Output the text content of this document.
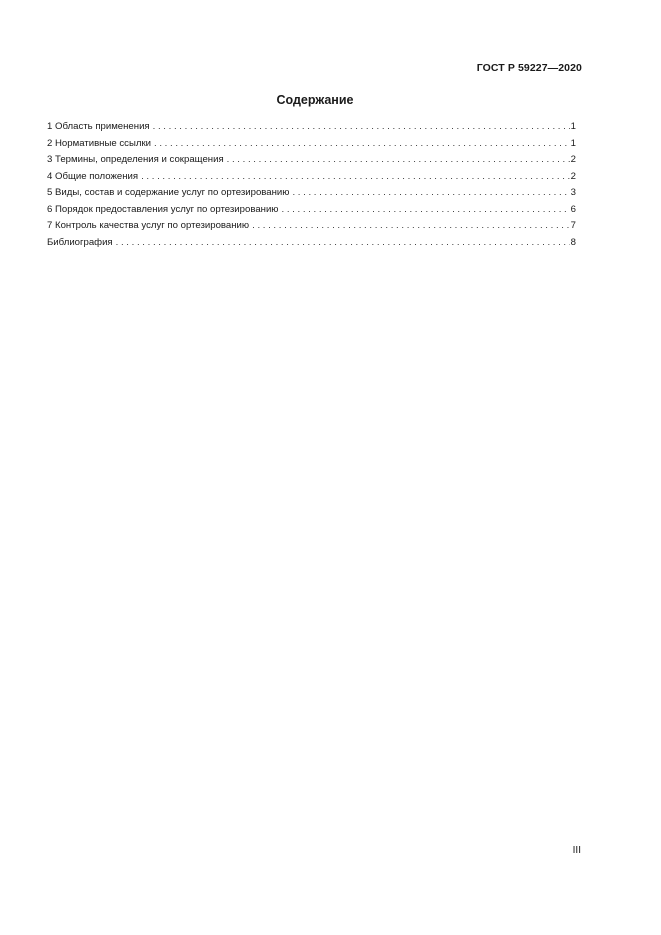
ГОСТ Р 59227—2020
Содержание
1 Область применения . . .	1
2 Нормативные ссылки . . .	1
3 Термины, определения и сокращения . . .	2
4 Общие положения . . .	2
5 Виды, состав и содержание услуг по ортезированию . . .	3
6 Порядок предоставления услуг по ортезированию . . .	6
7 Контроль качества услуг по ортезированию . . .	7
Библиография . . .	8
III
